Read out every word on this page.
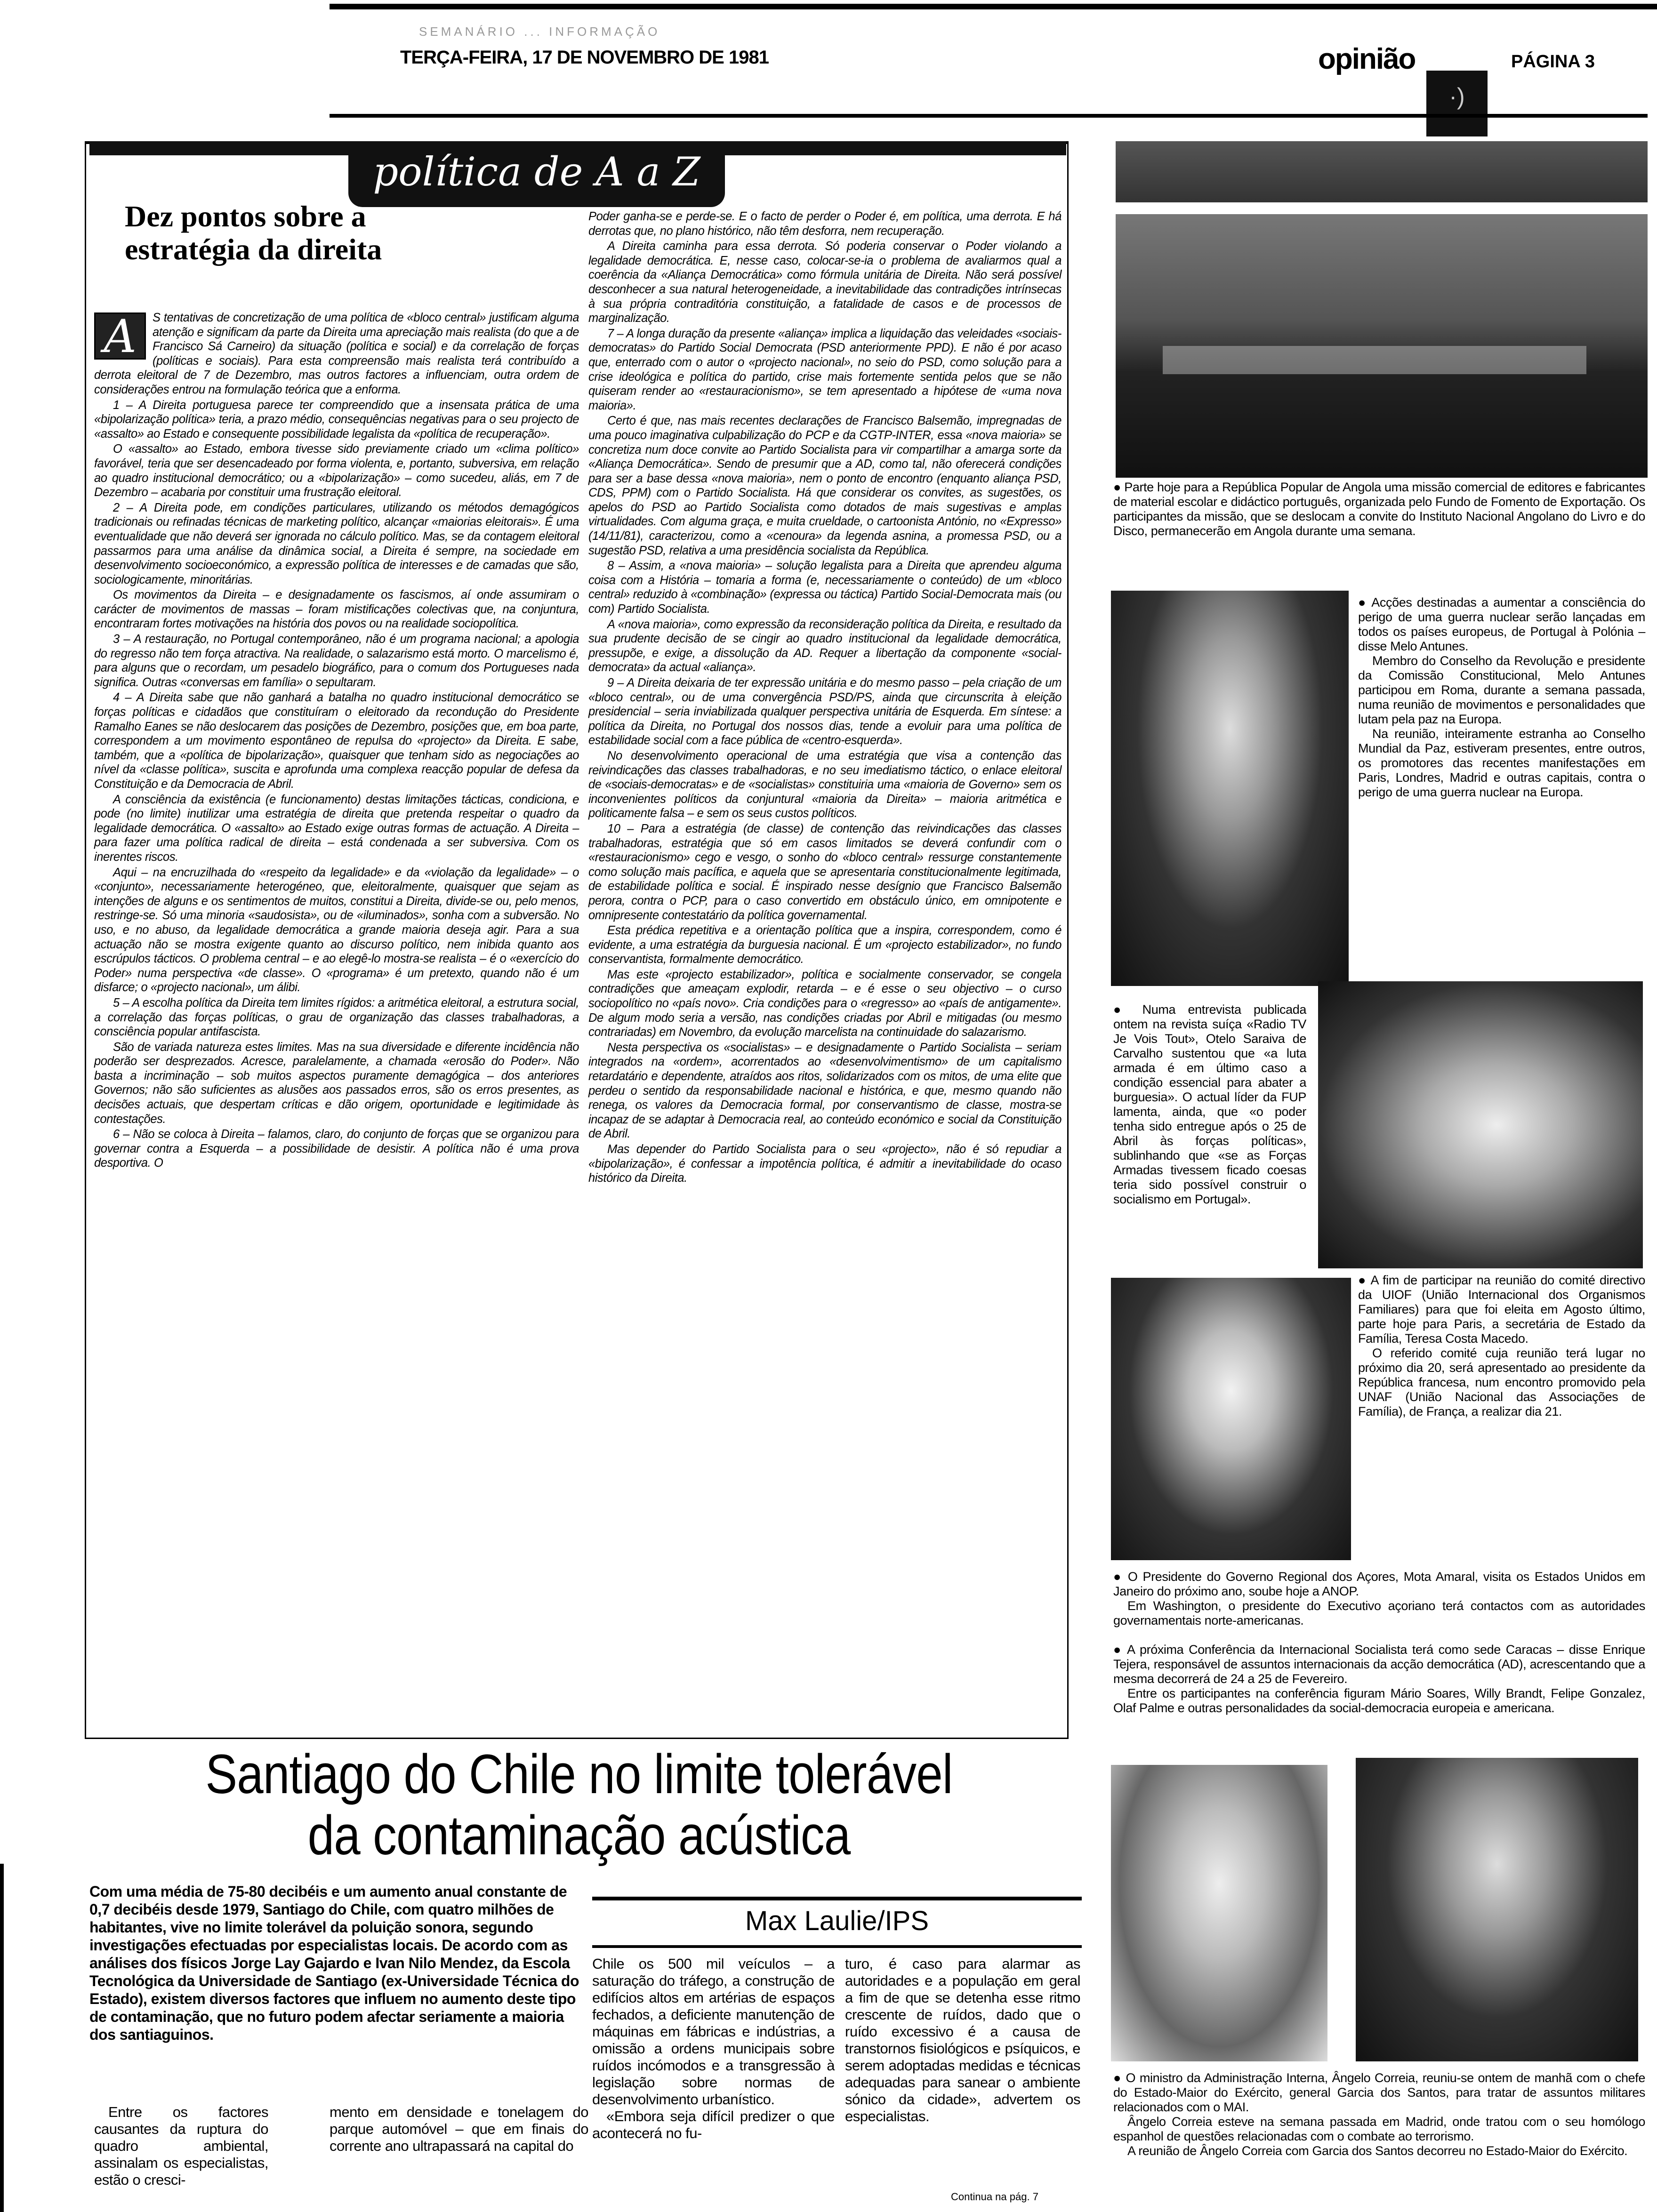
SEMANÁRIO ... INFORMAÇÃO
TERÇA-FEIRA, 17 DE NOVEMBRO DE 1981	opinião
·)
PÁGINA 3
política de A a Z
Dez pontos sobre a estratégia da direita
A	S tentativas de concretização de uma política de «bloco central» justificam alguma atenção e significam da parte da Direita uma apreciação mais realista (do que a de Francisco Sá Carneiro) da situação (política e social) e da correlação de forças (políticas e sociais). Para esta compreensão mais realista terá contribuído a derrota eleitoral de 7 de Dezembro, mas outros factores a influenciam, outra ordem de considerações entrou na formulação teórica que a enforma.

1 – A Direita portuguesa parece ter compreendido que a insensata prática de uma «bipolarização política» teria, a prazo médio, consequências negativas para o seu projecto de «assalto» ao Estado e consequente possibilidade legalista da «política de recuperação».

O «assalto» ao Estado, embora tivesse sido previamente criado um «clima político» favorável, teria que ser desencadeado por forma violenta, e, portanto, subversiva, em relação ao quadro institucional democrático; ou a «bipolarização» – como sucedeu, aliás, em 7 de Dezembro – acabaria por constituir uma frustração eleitoral.

2 – A Direita pode, em condições particulares, utilizando os métodos demagógicos tradicionais ou refinadas técnicas de marketing político, alcançar «maiorias eleitorais». É uma eventualidade que não deverá ser ignorada no cálculo político. Mas, se da contagem eleitoral passarmos para uma análise da dinâmica social, a Direita é sempre, na sociedade em desenvolvimento socioeconómico, a expressão política de interesses e de camadas que são, sociologicamente, minoritárias.

Os movimentos da Direita – e designadamente os fascismos, aí onde assumiram o carácter de movimentos de massas – foram mistificações colectivas que, na conjuntura, encontraram fortes motivações na história dos povos ou na realidade sociopolítica.

3 – A restauração, no Portugal contemporâneo, não é um programa nacional; a apologia do regresso não tem força atractiva. Na realidade, o salazarismo está morto. O marcelismo é, para alguns que o recordam, um pesadelo biográfico, para o comum dos Portugueses nada significa. Outras «conversas em família» o sepultaram.

4 – A Direita sabe que não ganhará a batalha no quadro institucional democrático se forças políticas e cidadãos que constituíram o eleitorado da recondução do Presidente Ramalho Eanes se não deslocarem das posições de Dezembro, posições que, em boa parte, correspondem a um movimento espontâneo de repulsa do «projecto» da Direita. E sabe, também, que a «política de bipolarização», quaisquer que tenham sido as negociações ao nível da «classe política», suscita e aprofunda uma complexa reacção popular de defesa da Constituição e da Democracia de Abril.

A consciência da existência (e funcionamento) destas limitações tácticas, condiciona, e pode (no limite) inutilizar uma estratégia de direita que pretenda respeitar o quadro da legalidade democrática. O «assalto» ao Estado exige outras formas de actuação. A Direita – para fazer uma política radical de direita – está condenada a ser subversiva. Com os inerentes riscos.

Aqui – na encruzilhada do «respeito da legalidade» e da «violação da legalidade» – o «conjunto», necessariamente heterogéneo, que, eleitoralmente, quaisquer que sejam as intenções de alguns e os sentimentos de muitos, constitui a Direita, divide-se ou, pelo menos, restringe-se. Só uma minoria «saudosista», ou de «iluminados», sonha com a subversão. No uso, e no abuso, da legalidade democrática a grande maioria deseja agir. Para a sua actuação não se mostra exigente quanto ao discurso político, nem inibida quanto aos escrúpulos tácticos. O problema central – e ao elegê-lo mostra-se realista – é o «exercício do Poder» numa perspectiva «de classe». O «programa» é um pretexto, quando não é um disfarce; o «projecto nacional», um álibi.

5 – A escolha política da Direita tem limites rígidos: a aritmética eleitoral, a estrutura social, a correlação das forças políticas, o grau de organização das classes trabalhadoras, a consciência popular antifascista.

São de variada natureza estes limites. Mas na sua diversidade e diferente incidência não poderão ser desprezados. Acresce, paralelamente, a chamada «erosão do Poder». Não basta a incriminação – sob muitos aspectos puramente demagógica – dos anteriores Governos; não são suficientes as alusões aos passados erros, são os erros presentes, as decisões actuais, que despertam críticas e dão origem, oportunidade e legitimidade às contestações.

6 – Não se coloca à Direita – falamos, claro, do conjunto de forças que se organizou para governar contra a Esquerda – a possibilidade de desistir. A política não é uma prova desportiva. O

Poder ganha-se e perde-se. E o facto de perder o Poder é, em política, uma derrota. E há derrotas que, no plano histórico, não têm desforra, nem recuperação.

A Direita caminha para essa derrota. Só poderia conservar o Poder violando a legalidade democrática. E, nesse caso, colocar-se-ia o problema de avaliarmos qual a coerência da «Aliança Democrática» como fórmula unitária de Direita. Não será possível desconhecer a sua natural heterogeneidade, a inevitabilidade das contradições intrínsecas à sua própria contraditória constituição, a fatalidade de casos e de processos de marginalização.

7 – A longa duração da presente «aliança» implica a liquidação das veleidades «sociais-democratas» do Partido Social Democrata (PSD anteriormente PPD). E não é por acaso que, enterrado com o autor o «projecto nacional», no seio do PSD, como solução para a crise ideológica e política do partido, crise mais fortemente sentida pelos que se não quiseram render ao «restauracionismo», se tem apresentado a hipótese de «uma nova maioria».

Certo é que, nas mais recentes declarações de Francisco Balsemão, impregnadas de uma pouco imaginativa culpabilização do PCP e da CGTP-INTER, essa «nova maioria» se concretiza num doce convite ao Partido Socialista para vir compartilhar a amarga sorte da «Aliança Democrática». Sendo de presumir que a AD, como tal, não oferecerá condições para ser a base dessa «nova maioria», nem o ponto de encontro (enquanto aliança PSD, CDS, PPM) com o Partido Socialista. Há que considerar os convites, as sugestões, os apelos do PSD ao Partido Socialista como dotados de mais sugestivas e amplas virtualidades. Com alguma graça, e muita crueldade, o cartoonista António, no «Expresso» (14/11/81), caracterizou, como a «cenoura» da legenda asnina, a promessa PSD, ou a sugestão PSD, relativa a uma presidência socialista da República.

8 – Assim, a «nova maioria» – solução legalista para a Direita que aprendeu alguma coisa com a História – tomaria a forma (e, necessariamente o conteúdo) de um «bloco central» reduzido à «combinação» (expressa ou táctica) Partido Social-Democrata mais (ou com) Partido Socialista.

A «nova maioria», como expressão da reconsideração política da Direita, e resultado da sua prudente decisão de se cingir ao quadro institucional da legalidade democrática, pressupõe, e exige, a dissolução da AD. Requer a libertação da componente «social-democrata» da actual «aliança».

9 – A Direita deixaria de ter expressão unitária e do mesmo passo – pela criação de um «bloco central», ou de uma convergência PSD/PS, ainda que circunscrita à eleição presidencial – seria inviabilizada qualquer perspectiva unitária de Esquerda. Em síntese: a política da Direita, no Portugal dos nossos dias, tende a evoluir para uma política de estabilidade social com a face pública de «centro-esquerda».

No desenvolvimento operacional de uma estratégia que visa a contenção das reivindicações das classes trabalhadoras, e no seu imediatismo táctico, o enlace eleitoral de «sociais-democratas» e de «socialistas» constituiria uma «maioria de Governo» sem os inconvenientes políticos da conjuntural «maioria da Direita» – maioria aritmética e politicamente falsa – e sem os seus custos políticos.

10 – Para a estratégia (de classe) de contenção das reivindicações das classes trabalhadoras, estratégia que só em casos limitados se deverá confundir com o «restauracionismo» cego e vesgo, o sonho do «bloco central» ressurge constantemente como solução mais pacífica, e aquela que se apresentaria constitucionalmente legitimada, de estabilidade política e social. É inspirado nesse desígnio que Francisco Balsemão perora, contra o PCP, para o caso convertido em obstáculo único, em omnipotente e omnipresente contestatário da política governamental.

Esta prédica repetitiva e a orientação política que a inspira, correspondem, como é evidente, a uma estratégia da burguesia nacional. É um «projecto estabilizador», no fundo conservantista, formalmente democrático.

Mas este «projecto estabilizador», política e socialmente conservador, se congela contradições que ameaçam explodir, retarda – e é esse o seu objectivo – o curso sociopolítico no «país novo». Cria condições para o «regresso» ao «país de antigamente». De algum modo seria a versão, nas condições criadas por Abril e mitigadas (ou mesmo contrariadas) em Novembro, da evolução marcelista na continuidade do salazarismo.

Nesta perspectiva os «socialistas» – e designadamente o Partido Socialista – seriam integrados na «ordem», acorrentados ao «desenvolvimentismo» de um capitalismo retardatário e dependente, atraídos aos ritos, solidarizados com os mitos, de uma elite que perdeu o sentido da responsabilidade nacional e histórica, e que, mesmo quando não renega, os valores da Democracia formal, por conservantismo de classe, mostra-se incapaz de se adaptar à Democracia real, ao conteúdo económico e social da Constituição de Abril.

Mas depender do Partido Socialista para o seu «projecto», não é só repudiar a «bipolarização», é confessar a impotência política, é admitir a inevitabilidade do ocaso histórico da Direita.

● Parte hoje para a República Popular de Angola uma missão comercial de editores e fabricantes de material escolar e didáctico português, organizada pelo Fundo de Fomento de Exportação. Os participantes da missão, que se deslocam a convite do Instituto Nacional Angolano do Livro e do Disco, permanecerão em Angola durante uma semana.

● Acções destinadas a aumentar a consciência do perigo de uma guerra nuclear serão lançadas em todos os países europeus, de Portugal à Polónia – disse Melo Antunes.

Membro do Conselho da Revolução e presidente da Comissão Constitucional, Melo Antunes participou em Roma, durante a semana passada, numa reunião de movimentos e personalidades que lutam pela paz na Europa.

Na reunião, inteiramente estranha ao Conselho Mundial da Paz, estiveram presentes, entre outros, os promotores das recentes manifestações em Paris, Londres, Madrid e outras capitais, contra o perigo de uma guerra nuclear na Europa.

● Numa entrevista publicada ontem na revista suíça «Radio TV Je Vois Tout», Otelo Saraiva de Carvalho sustentou que «a luta armada é em último caso a condição essencial para abater a burguesia». O actual líder da FUP lamenta, ainda, que «o poder tenha sido entregue após o 25 de Abril às forças políticas», sublinhando que «se as Forças Armadas tivessem ficado coesas teria sido possível construir o socialismo em Portugal».

● A fim de participar na reunião do comité directivo da UIOF (União Internacional dos Organismos Familiares) para que foi eleita em Agosto último, parte hoje para Paris, a secretária de Estado da Família, Teresa Costa Macedo.

O referido comité cuja reunião terá lugar no próximo dia 20, será apresentado ao presidente da República francesa, num encontro promovido pela UNAF (União Nacional das Associações de Família), de França, a realizar dia 21.

● O Presidente do Governo Regional dos Açores, Mota Amaral, visita os Estados Unidos em Janeiro do próximo ano, soube hoje a ANOP.

Em Washington, o presidente do Executivo açoriano terá contactos com as autoridades governamentais norte-americanas.

● A próxima Conferência da Internacional Socialista terá como sede Caracas – disse Enrique Tejera, responsável de assuntos internacionais da acção democrática (AD), acrescentando que a mesma decorrerá de 24 a 25 de Fevereiro.

Entre os participantes na conferência figuram Mário Soares, Willy Brandt, Felipe Gonzalez, Olaf Palme e outras personalidades da social-democracia europeia e americana.

● O ministro da Administração Interna, Ângelo Correia, reuniu-se ontem de manhã com o chefe do Estado-Maior do Exército, general Garcia dos Santos, para tratar de assuntos militares relacionados com o MAI.

Ângelo Correia esteve na semana passada em Madrid, onde tratou com o seu homólogo espanhol de questões relacionadas com o combate ao terrorismo.

A reunião de Ângelo Correia com Garcia dos Santos decorreu no Estado-Maior do Exército.

Santiago do Chile no limite tolerável
da contaminação acústica
Com uma média de 75-80 decibéis e um aumento anual constante de 0,7 decibéis desde 1979, Santiago do Chile, com quatro milhões de habitantes, vive no limite tolerável da poluição sonora, segundo investigações efectuadas por especialistas locais. De acordo com as análises dos físicos Jorge Lay Gajardo e Ivan Nilo Mendez, da Escola Tecnológica da Universidade de Santiago (ex-Universidade Técnica do Estado), existem diversos factores que influem no aumento deste tipo de contaminação, que no futuro podem afectar seriamente a maioria dos santiaguinos.
Max Laulie/IPS

Entre os factores causantes da ruptura do quadro ambiental, assinalam os especialistas, estão o cresci-

mento em densidade e tonelagem do parque automóvel – que em finais do corrente ano ultrapassará na capital do

Chile os 500 mil veículos – a saturação do tráfego, a construção de edifícios altos em artérias de espaços fechados, a deficiente manutenção de máquinas em fábricas e indústrias, a omissão a ordens municipais sobre ruídos incómodos e a transgressão à legislação sobre normas de desenvolvimento urbanístico.

«Embora seja difícil predizer o que acontecerá no fu-

turo, é caso para alarmar as autoridades e a população em geral a fim de que se detenha esse ritmo crescente de ruídos, dado que o ruído excessivo é a causa de transtornos fisiológicos e psíquicos, e serem adoptadas medidas e técnicas adequadas para sanear o ambiente sónico da cidade», advertem os especialistas.

Continua na pág. 7
